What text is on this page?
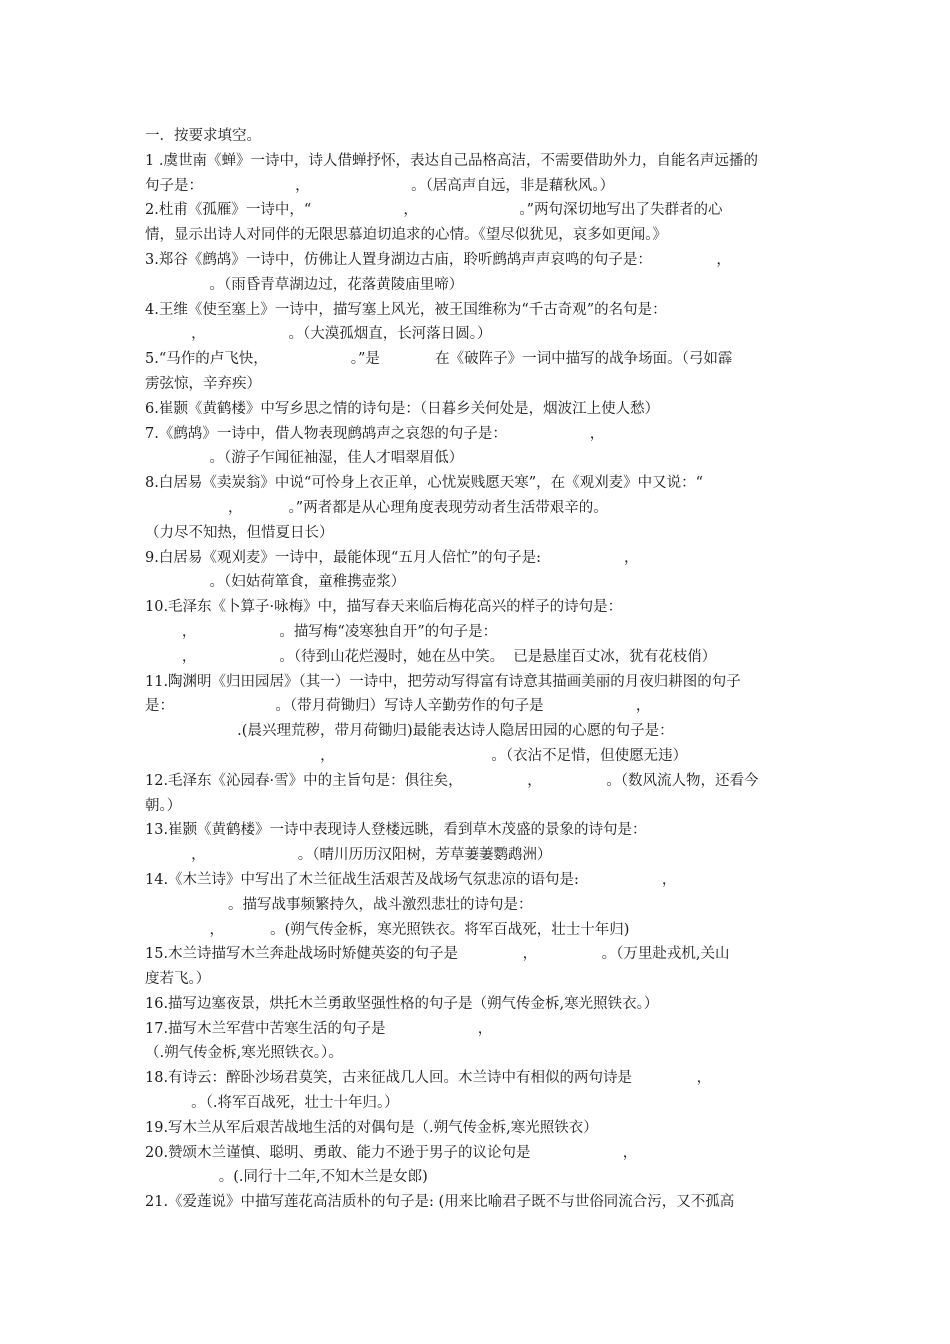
一．按要求填空。
1 .虞世南《蝉》一诗中，诗人借蝉抒怀，表达自己品格高洁，不需要借助外力，自能名声远播的
句子是：                    ，                      。（居高声自远，非是藉秋风。）
2.杜甫《孤雁》一诗中，“                    ，                      。”两句深切地写出了失群者的心
情，显示出诗人对同伴的无限思慕迫切追求的心情。《望尽似犹见，哀多如更闻。》
3.郑谷《鹧鸪》一诗中，仿佛让人置身湖边古庙，聆听鹧鸪声声哀鸣的句子是：              ，
。（雨昏青草湖边过，花落黄陵庙里啼）
4.王维《使至塞上》一诗中，描写塞上风光，被王国维称为“千古奇观”的名句是：
，                  。（大漠孤烟直，长河落日圆。）
5.“马作的卢飞快，                  。”是            在《破阵子》一词中描写的战争场面。（弓如霹
雳弦惊，辛弃疾）
6.崔颢《黄鹤楼》中写乡思之情的诗句是：（日暮乡关何处是，烟波江上使人愁）
7.《鹧鸪》一诗中，借人物表现鹧鸪声之哀怨的句子是：                  ，
。（游子乍闻征袖湿，佳人才唱翠眉低）
8.白居易《卖炭翁》中说“可怜身上衣正单，心忧炭贱愿天寒”，在《观刈麦》中又说：“
，          。”两者都是从心理角度表现劳动者生活带艰辛的。
（力尽不知热，但惜夏日长）
9.白居易《观刈麦》一诗中，最能体现“五月人倍忙”的句子是:                  ，
。（妇姑荷箪食，童稚携壶浆）
10.毛泽东《卜算子·咏梅》中，描写春天来临后梅花高兴的样子的诗句是：
，                  。描写梅“凌寒独自开”的句子是：
，                  。（待到山花烂漫时，她在丛中笑。  已是悬崖百丈冰，犹有花枝俏）
11.陶渊明《归田园居》（其一）一诗中，把劳动写得富有诗意其描画美丽的月夜归耕图的句子
是：                      。（带月荷锄归）写诗人辛勤劳作的句子是                    ，
.(晨兴理荒秽，带月荷锄归)最能表达诗人隐居田园的心愿的句子是：
，                                  。（衣沾不足惜，但使愿无违）
12.毛泽东《沁园春·雪》中的主旨句是：俱往矣，              ，              。（数风流人物，还看今
朝。）
13.崔颢《黄鹤楼》一诗中表现诗人登楼远眺，看到草木茂盛的景象的诗句是：
，                    。（晴川历历汉阳树，芳草萋萋鹦鹉洲）
14.《木兰诗》中写出了木兰征战生活艰苦及战场气氛悲凉的语句是:                  ，
。描写战事频繁持久，战斗激烈悲壮的诗句是：
，          。(朔气传金柝，寒光照铁衣。将军百战死，壮士十年归)
15.木兰诗描写木兰奔赴战场时矫健英姿的句子是              ，              。（万里赴戎机,关山
度若飞。）
16.描写边塞夜景，烘托木兰勇敢坚强性格的句子是（朔气传金柝,寒光照铁衣。）
17.描写木兰军营中苦寒生活的句子是                    ，
（.朔气传金柝,寒光照铁衣。）。
18.有诗云：醉卧沙场君莫笑，古来征战几人回。木兰诗中有相似的两句诗是              ，
。（.将军百战死，壮士十年归。）
19.写木兰从军后艰苦战地生活的对偶句是（.朔气传金柝,寒光照铁衣）
20.赞颂木兰谨慎、聪明、勇敢、能力不逊于男子的议论句是                    ，
。(.同行十二年,不知木兰是女郎)
21.《爱莲说》中描写莲花高洁质朴的句子是: (用来比喻君子既不与世俗同流合污，又不孤高
